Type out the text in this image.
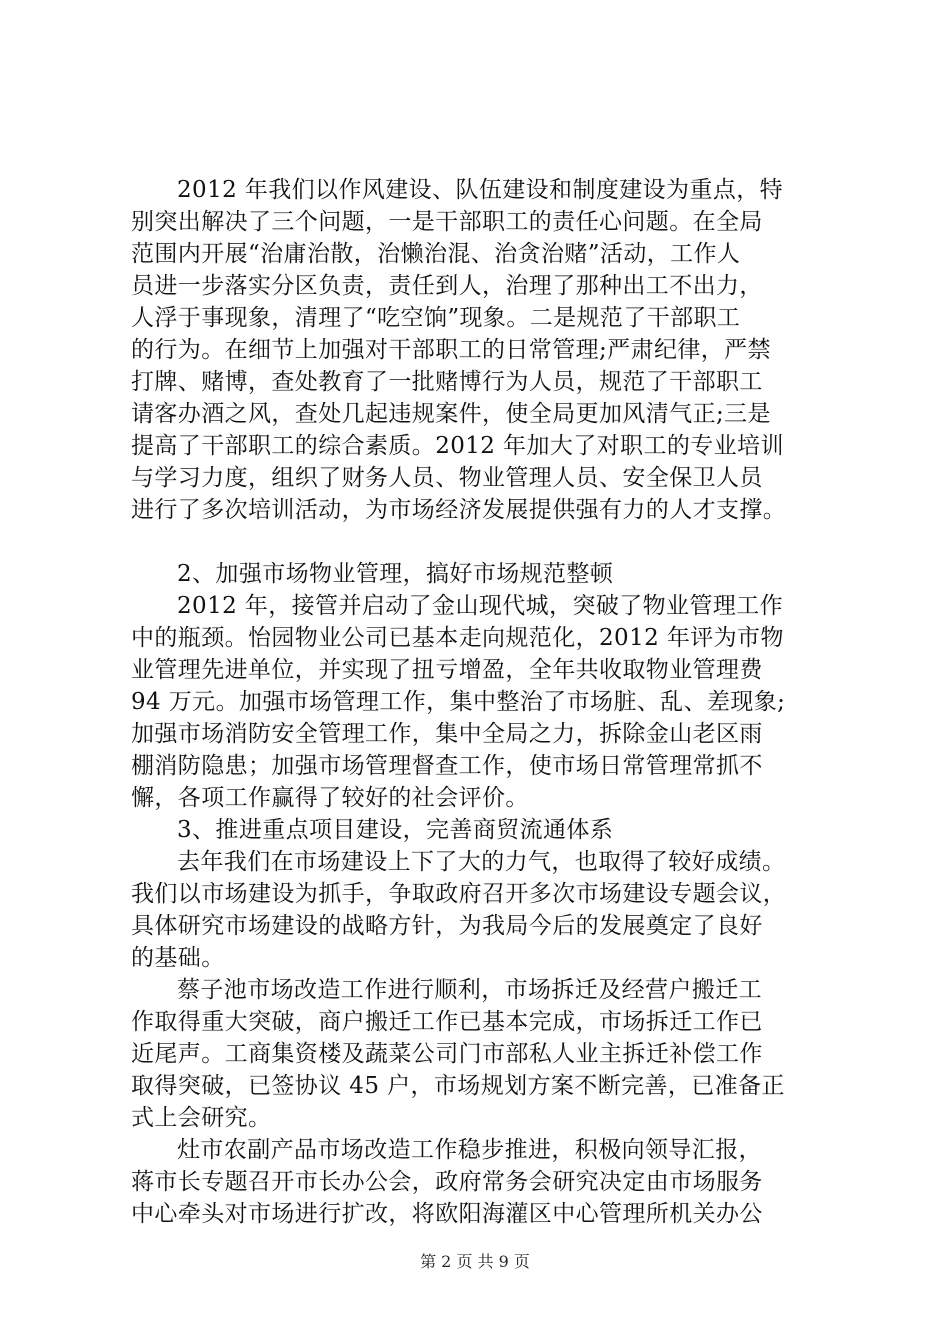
2012 年我们以作风建设、队伍建设和制度建设为重点，特
别突出解决了三个问题，一是干部职工的责任心问题。在全局
范围内开展“治庸治散，治懒治混、治贪治赌”活动，工作人
员进一步落实分区负责，责任到人，治理了那种出工不出力，
人浮于事现象，清理了“吃空饷”现象。二是规范了干部职工
的行为。在细节上加强对干部职工的日常管理;严肃纪律，严禁
打牌、赌博，查处教育了一批赌博行为人员，规范了干部职工
请客办酒之风，查处几起违规案件，使全局更加风清气正;三是
提高了干部职工的综合素质。2012 年加大了对职工的专业培训
与学习力度，组织了财务人员、物业管理人员、安全保卫人员
进行了多次培训活动，为市场经济发展提供强有力的人才支撑。
2、加强市场物业管理，搞好市场规范整顿
2012 年，接管并启动了金山现代城，突破了物业管理工作
中的瓶颈。怡园物业公司已基本走向规范化，2012 年评为市物
业管理先进单位，并实现了扭亏增盈，全年共收取物业管理费
94 万元。加强市场管理工作，集中整治了市场脏、乱、差现象;
加强市场消防安全管理工作，集中全局之力，拆除金山老区雨
棚消防隐患；加强市场管理督查工作，使市场日常管理常抓不
懈，各项工作赢得了较好的社会评价。
3、推进重点项目建设，完善商贸流通体系
去年我们在市场建设上下了大的力气，也取得了较好成绩。
我们以市场建设为抓手，争取政府召开多次市场建设专题会议，
具体研究市场建设的战略方针，为我局今后的发展奠定了良好
的基础。
蔡子池市场改造工作进行顺利，市场拆迁及经营户搬迁工
作取得重大突破，商户搬迁工作已基本完成，市场拆迁工作已
近尾声。工商集资楼及蔬菜公司门市部私人业主拆迁补偿工作
取得突破，已签协议 45 户，市场规划方案不断完善，已准备正
式上会研究。
灶市农副产品市场改造工作稳步推进，积极向领导汇报，
蒋市长专题召开市长办公会，政府常务会研究决定由市场服务
中心牵头对市场进行扩改，将欧阳海灌区中心管理所机关办公
第 2 页 共 9 页
